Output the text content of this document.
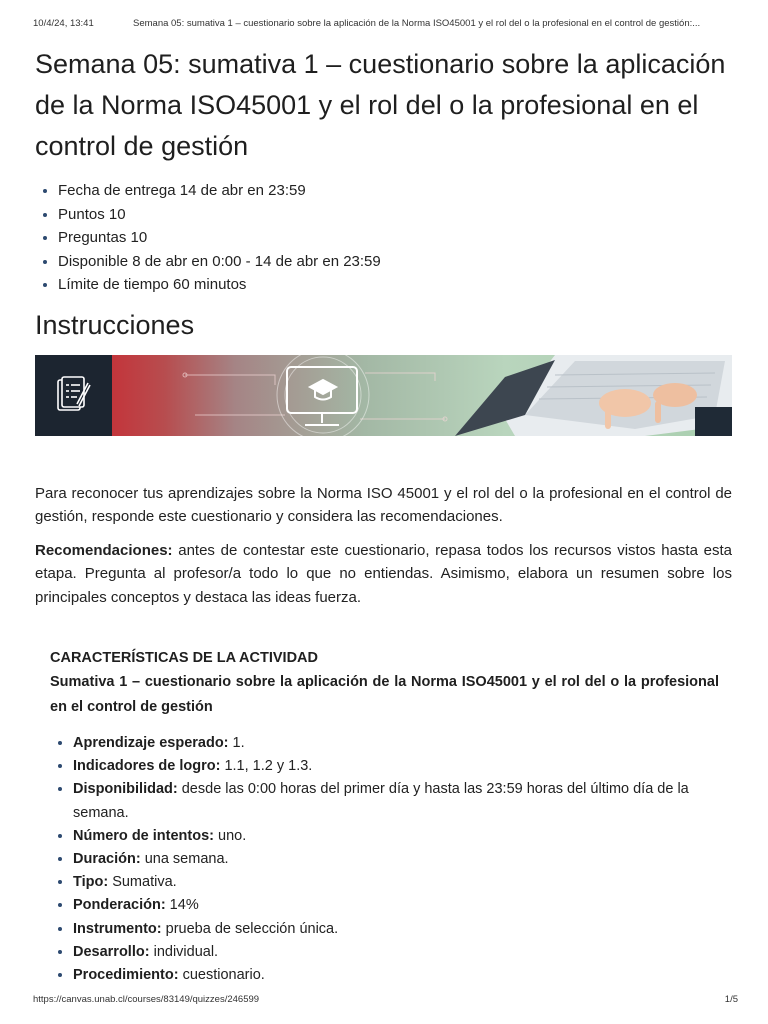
10/4/24, 13:41	Semana 05: sumativa 1 – cuestionario sobre la aplicación de la Norma ISO45001 y el rol del o la profesional en el control de gestión:...
Semana 05: sumativa 1 – cuestionario sobre la aplicación de la Norma ISO45001 y el rol del o la profesional en el control de gestión
• Fecha de entrega 14 de abr en 23:59
• Puntos 10
• Preguntas 10
• Disponible 8 de abr en 0:00 - 14 de abr en 23:59
• Límite de tiempo 60 minutos
Instrucciones

Para reconocer tus aprendizajes sobre la Norma ISO 45001 y el rol del o la profesional en el control de gestión, responde este cuestionario y considera las recomendaciones.

Recomendaciones: antes de contestar este cuestionario, repasa todos los recursos vistos hasta esta etapa. Pregunta al profesor/a todo lo que no entiendas. Asimismo, elabora un resumen sobre los principales conceptos y destaca las ideas fuerza.

CARACTERÍSTICAS DE LA ACTIVIDAD
Sumativa 1 – cuestionario sobre la aplicación de la Norma ISO45001 y el rol del o la profesional en el control de gestión
• Aprendizaje esperado: 1.
• Indicadores de logro: 1.1, 1.2 y 1.3.
• Disponibilidad: desde las 0:00 horas del primer día y hasta las 23:59 horas del último día de la semana.
• Número de intentos: uno.
• Duración: una semana.
• Tipo: Sumativa.
• Ponderación: 14%
• Instrumento: prueba de selección única.
• Desarrollo: individual.
• Procedimiento: cuestionario.
https://canvas.unab.cl/courses/83149/quizzes/246599	1/5
